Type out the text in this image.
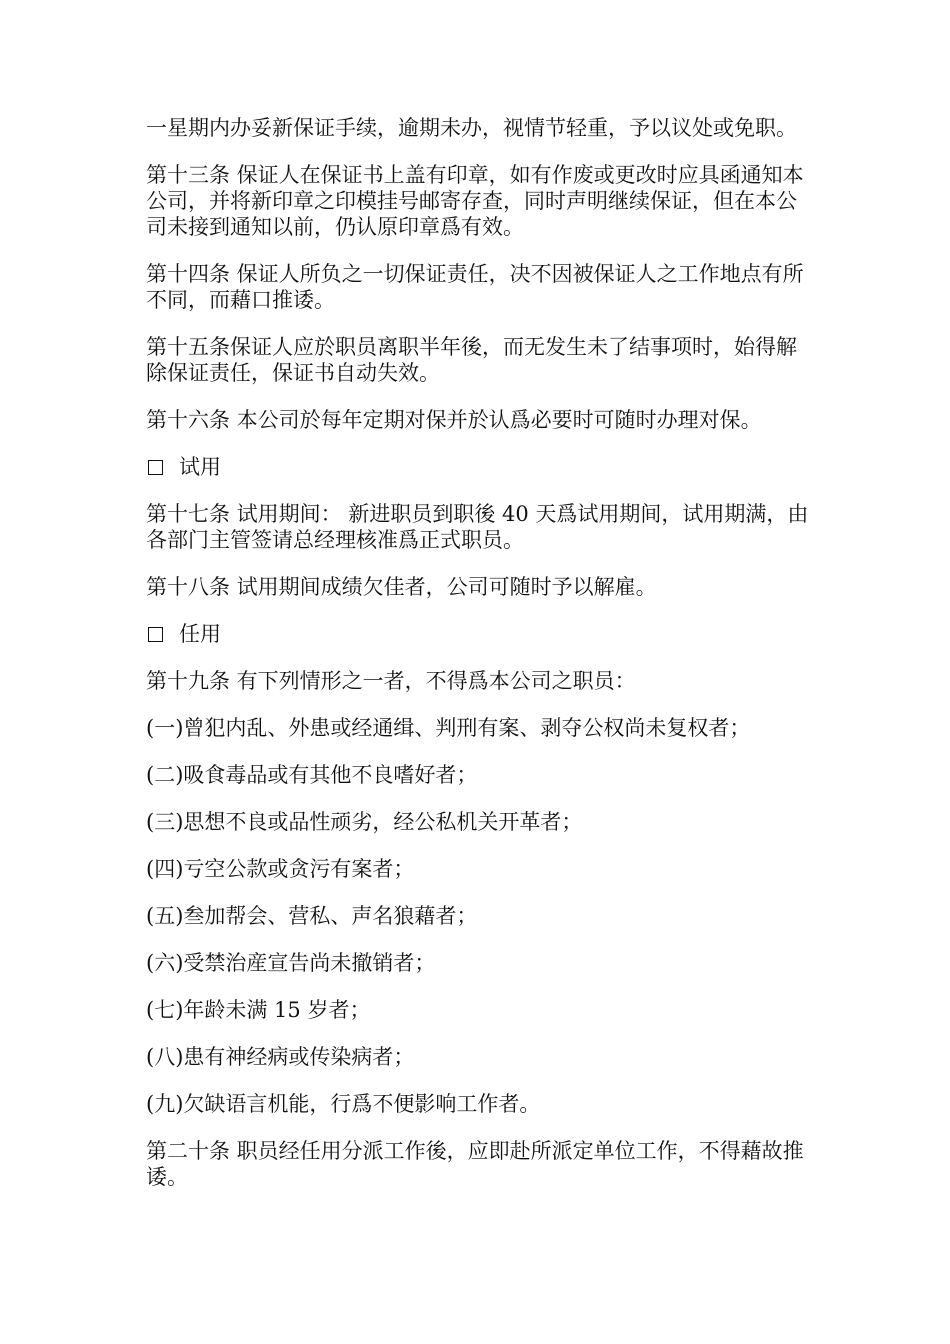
一星期内办妥新保证手续，逾期未办，视情节轻重，予以议处或免职。

第十三条 保证人在保证书上盖有印章，如有作废或更改时应具函通知本公司，并将新印章之印模挂号邮寄存查，同时声明继续保证，但在本公司未接到通知以前，仍认原印章爲有效。

第十四条 保证人所负之一切保证责任，决不因被保证人之工作地点有所不同，而藉口推诿。

第十五条保证人应於职员离职半年後，而无发生未了结事项时，始得解除保证责任，保证书自动失效。

第十六条 本公司於每年定期对保并於认爲必要时可随时办理对保。

试用

第十七条 试用期间： 新进职员到职後 40 天爲试用期间，试用期满，由各部门主管签请总经理核准爲正式职员。

第十八条 试用期间成绩欠佳者，公司可随时予以解雇。

任用

第十九条 有下列情形之一者，不得爲本公司之职员：

(一)曾犯内乱、外患或经通缉、判刑有案、剥夺公权尚未复权者；

(二)吸食毒品或有其他不良嗜好者；

(三)思想不良或品性顽劣，经公私机关开革者；

(四)亏空公款或贪污有案者；

(五)叁加帮会、营私、声名狼藉者；

(六)受禁治産宣告尚未撤销者；

(七)年龄未满 15 岁者；

(八)患有神经病或传染病者；

(九)欠缺语言机能，行爲不便影响工作者。

第二十条 职员经任用分派工作後，应即赴所派定单位工作，不得藉故推诿。
